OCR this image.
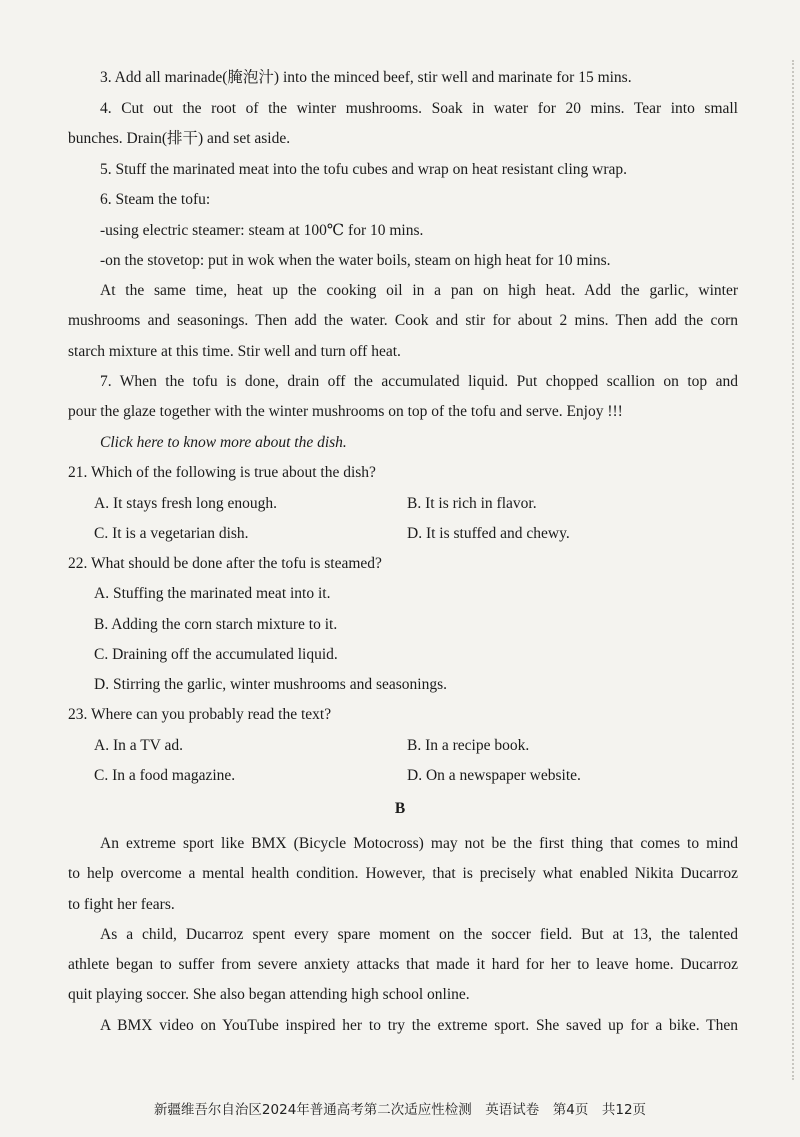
3. Add all marinade(腌泡汁) into the minced beef, stir well and marinate for 15 mins.
4. Cut out the root of the winter mushrooms. Soak in water for 20 mins. Tear into small
bunches. Drain(排干) and set aside.
5. Stuff the marinated meat into the tofu cubes and wrap on heat resistant cling wrap.
6. Steam the tofu:
-using electric steamer: steam at 100℃ for 10 mins.
-on the stovetop: put in wok when the water boils, steam on high heat for 10 mins.
At the same time, heat up the cooking oil in a pan on high heat. Add the garlic, winter
mushrooms and seasonings. Then add the water. Cook and stir for about 2 mins. Then add the corn
starch mixture at this time. Stir well and turn off heat.
7. When the tofu is done, drain off the accumulated liquid. Put chopped scallion on top and
pour the glaze together with the winter mushrooms on top of the tofu and serve. Enjoy !!!
Click here to know more about the dish.
21. Which of the following is true about the dish?
A. It stays fresh long enough.	B. It is rich in flavor.
C. It is a vegetarian dish.	D. It is stuffed and chewy.
22. What should be done after the tofu is steamed?
A. Stuffing the marinated meat into it.
B. Adding the corn starch mixture to it.
C. Draining off the accumulated liquid.
D. Stirring the garlic, winter mushrooms and seasonings.
23. Where can you probably read the text?
A. In a TV ad.	B. In a recipe book.
C. In a food magazine.	D. On a newspaper website.
B
An extreme sport like BMX (Bicycle Motocross) may not be the first thing that comes to mind
to help overcome a mental health condition. However, that is precisely what enabled Nikita Ducarroz
to fight her fears.
As a child, Ducarroz spent every spare moment on the soccer field. But at 13, the talented
athlete began to suffer from severe anxiety attacks that made it hard for her to leave home. Ducarroz
quit playing soccer. She also began attending high school online.
A BMX video on YouTube inspired her to try the extreme sport. She saved up for a bike. Then
新疆维吾尔自治区2024年普通高考第二次适应性检测　英语试卷　第4页　共12页
